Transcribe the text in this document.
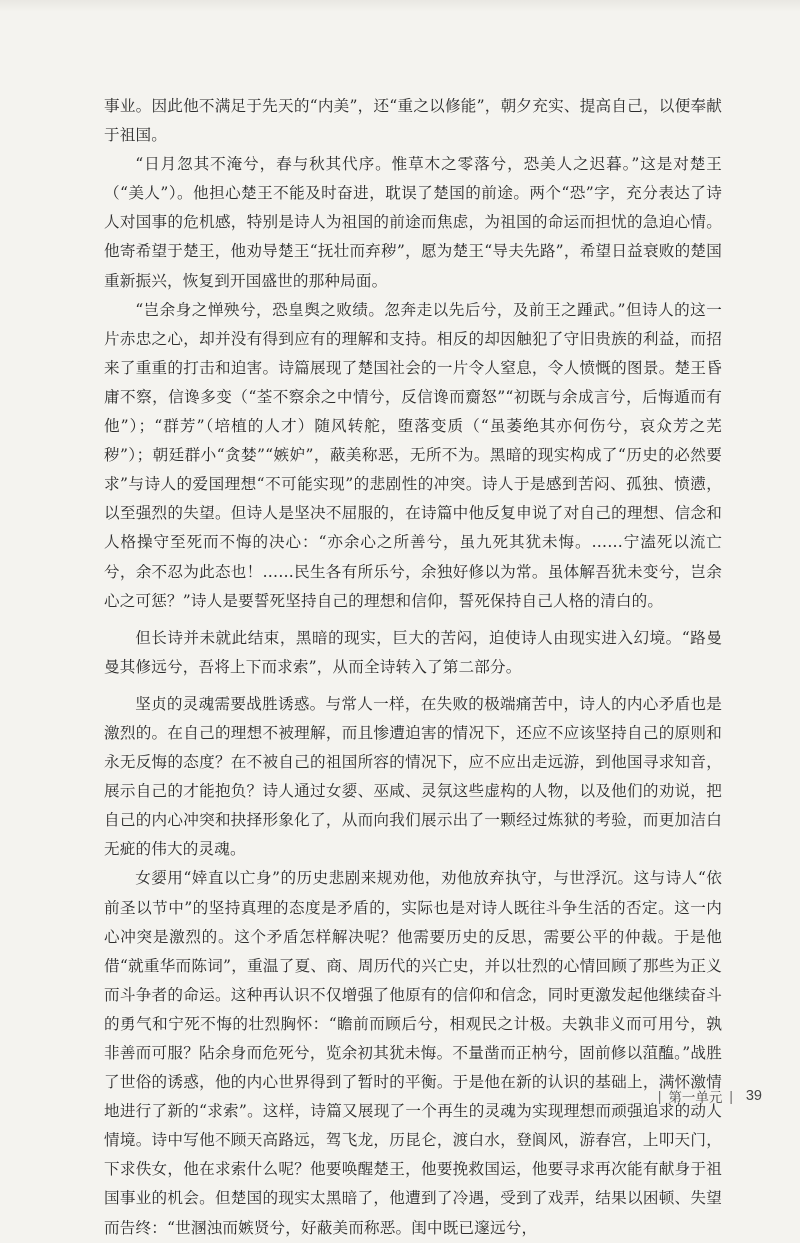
事业。因此他不满足于先天的“内美”，还“重之以修能”，朝夕充实、提高自己，以便奉献于祖国。

“日月忽其不淹兮，春与秋其代序。惟草木之零落兮，恐美人之迟暮。”这是对楚王（“美人”）。他担心楚王不能及时奋进，耽误了楚国的前途。两个“恐”字，充分表达了诗人对国事的危机感，特别是诗人为祖国的前途而焦虑，为祖国的命运而担忧的急迫心情。他寄希望于楚王，他劝导楚王“抚壮而弃秽”，愿为楚王“导夫先路”，希望日益衰败的楚国重新振兴，恢复到开国盛世的那种局面。

“岂余身之惮殃兮，恐皇舆之败绩。忽奔走以先后兮，及前王之踵武。”但诗人的这一片赤忠之心，却并没有得到应有的理解和支持。相反的却因触犯了守旧贵族的利益，而招来了重重的打击和迫害。诗篇展现了楚国社会的一片令人窒息，令人愤慨的图景。楚王昏庸不察，信谗多变（“荃不察余之中情兮，反信谗而齌怒”“初既与余成言兮，后悔遁而有他”）；“群芳”（培植的人才）随风转舵，堕落变质（“虽萎绝其亦何伤兮，哀众芳之芜秽”）；朝廷群小“贪婪”“嫉妒”，蔽美称恶，无所不为。黑暗的现实构成了“历史的必然要求”与诗人的爱国理想“不可能实现”的悲剧性的冲突。诗人于是感到苦闷、孤独、愤懑，以至强烈的失望。但诗人是坚决不屈服的，在诗篇中他反复申说了对自己的理想、信念和人格操守至死而不悔的决心：“亦余心之所善兮，虽九死其犹未悔。……宁溘死以流亡兮，余不忍为此态也！……民生各有所乐兮，余独好修以为常。虽体解吾犹未变兮，岂余心之可惩？”诗人是要誓死坚持自己的理想和信仰，誓死保持自己人格的清白的。

但长诗并未就此结束，黑暗的现实，巨大的苦闷，迫使诗人由现实进入幻境。“路曼曼其修远兮，吾将上下而求索”，从而全诗转入了第二部分。

坚贞的灵魂需要战胜诱惑。与常人一样，在失败的极端痛苦中，诗人的内心矛盾也是激烈的。在自己的理想不被理解，而且惨遭迫害的情况下，还应不应该坚持自己的原则和永无反悔的态度？在不被自己的祖国所容的情况下，应不应出走远游，到他国寻求知音，展示自己的才能抱负？诗人通过女媭、巫咸、灵氛这些虚构的人物，以及他们的劝说，把自己的内心冲突和抉择形象化了，从而向我们展示出了一颗经过炼狱的考验，而更加洁白无疵的伟大的灵魂。

女媭用“婞直以亡身”的历史悲剧来规劝他，劝他放弃执守，与世浮沉。这与诗人“依前圣以节中”的坚持真理的态度是矛盾的，实际也是对诗人既往斗争生活的否定。这一内心冲突是激烈的。这个矛盾怎样解决呢？他需要历史的反思，需要公平的仲裁。于是他借“就重华而陈词”，重温了夏、商、周历代的兴亡史，并以壮烈的心情回顾了那些为正义而斗争者的命运。这种再认识不仅增强了他原有的信仰和信念，同时更激发起他继续奋斗的勇气和宁死不悔的壮烈胸怀：“瞻前而顾后兮，相观民之计极。夫孰非义而可用兮，孰非善而可服？阽余身而危死兮，览余初其犹未悔。不量凿而正枘兮，固前修以菹醢。”战胜了世俗的诱惑，他的内心世界得到了暂时的平衡。于是他在新的认识的基础上，满怀激情地进行了新的“求索”。这样，诗篇又展现了一个再生的灵魂为实现理想而顽强追求的动人情境。诗中写他不顾天高路远，驾飞龙，历昆仑，渡白水，登阆风，游春宫，上叩天门，下求佚女，他在求索什么呢？他要唤醒楚王，他要挽救国运，他要寻求再次能有献身于祖国事业的机会。但楚国的现实太黑暗了，他遭到了冷遇，受到了戏弄，结果以困顿、失望而告终：“世溷浊而嫉贤兮，好蔽美而称恶。闺中既已邃远兮，

| 第一单元 | 39
